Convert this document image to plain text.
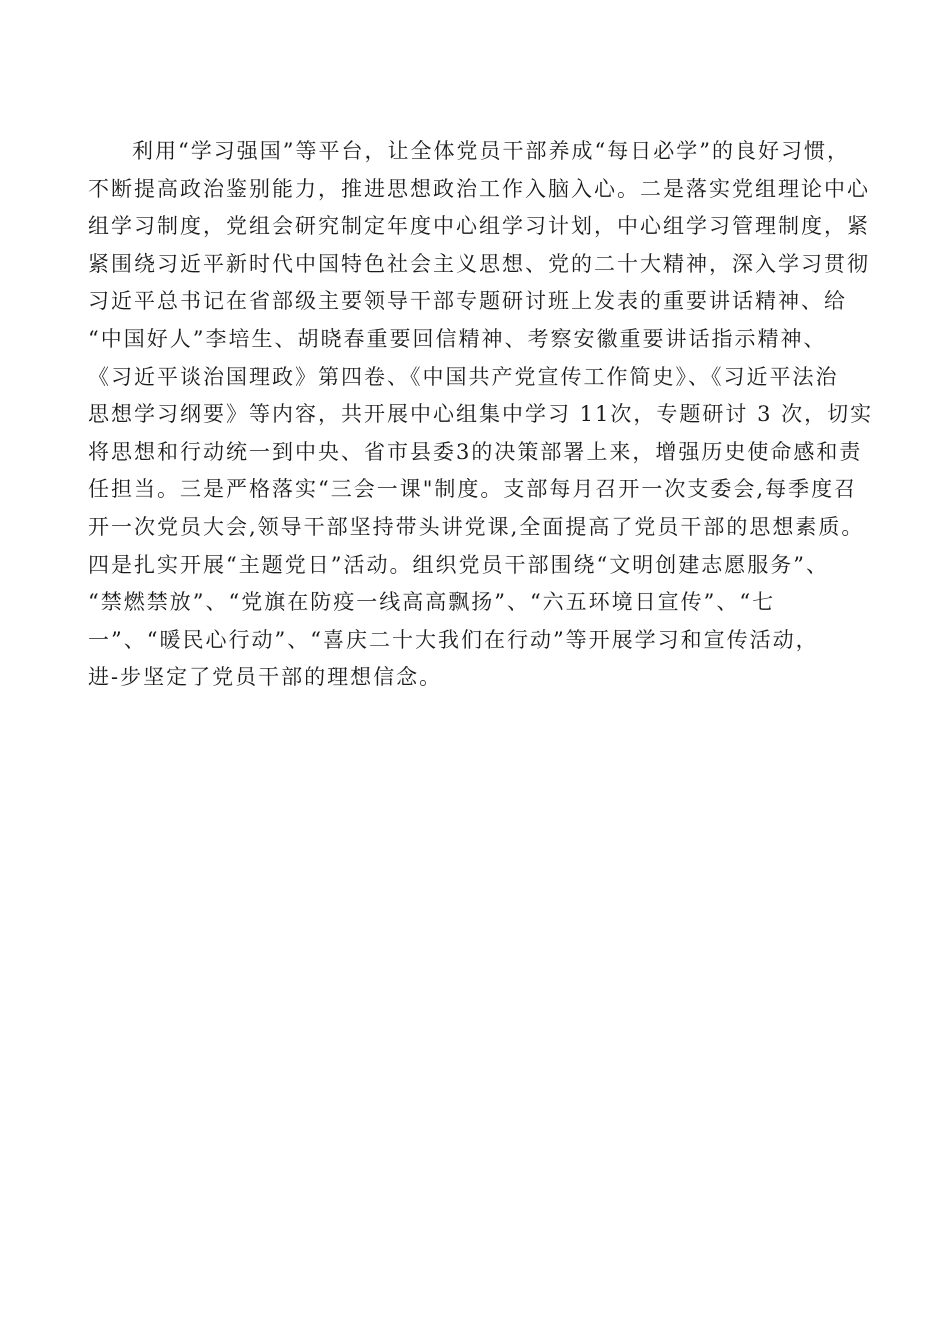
利用“学习强国”等平台，让全体党员干部养成“每日必学”的良好习惯，
不断提高政治鉴别能力，推进思想政治工作入脑入心。二是落实党组理论中心
组学习制度，党组会研究制定年度中心组学习计划，中心组学习管理制度，紧
紧围绕习近平新时代中国特色社会主义思想、党的二十大精神，深入学习贯彻
习近平总书记在省部级主要领导干部专题研讨班上发表的重要讲话精神、给
“中国好人”李培生、胡晓春重要回信精神、考察安徽重要讲话指示精神、
《习近平谈治国理政》第四卷、《中国共产党宣传工作简史》、《习近平法治
思想学习纲要》等内容，共开展中心组集中学习 11次，专题研讨 3 次，切实
将思想和行动统一到中央、省市县委3的决策部署上来，增强历史使命感和责
任担当。三是严格落实“三会一课"制度。支部每月召开一次支委会,每季度召
开一次党员大会,领导干部坚持带头讲党课,全面提高了党员干部的思想素质。
四是扎实开展“主题党日”活动。组织党员干部围绕“文明创建志愿服务”、
“禁燃禁放”、“党旗在防疫一线高高飘扬”、“六五环境日宣传”、“七
一”、“暖民心行动”、“喜庆二十大我们在行动”等开展学习和宣传活动，
进-步坚定了党员干部的理想信念。
